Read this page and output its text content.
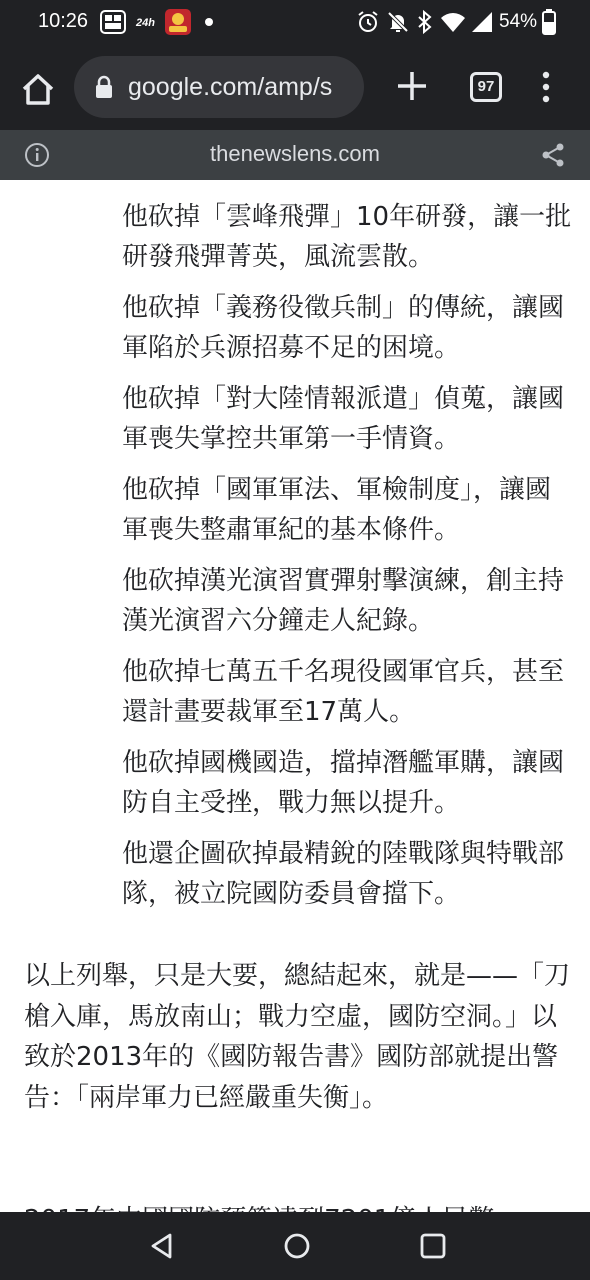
10:26	24h	54%
google.com/amp/s	97
thenewslens.com
他砍掉「雲峰飛彈」10年研發，讓一批研發飛彈菁英，風流雲散。
他砍掉「義務役徵兵制」的傳統，讓國軍陷於兵源招募不足的困境。
他砍掉「對大陸情報派遣」偵蒐，讓國軍喪失掌控共軍第一手情資。
他砍掉「國軍軍法、軍檢制度」，讓國軍喪失整肅軍紀的基本條件。
他砍掉漢光演習實彈射擊演練，創主持漢光演習六分鐘走人紀錄。
他砍掉七萬五千名現役國軍官兵，甚至還計畫要裁軍至17萬人。
他砍掉國機國造，擋掉潛艦軍購，讓國防自主受挫，戰力無以提升。
他還企圖砍掉最精銳的陸戰隊與特戰部隊，被立院國防委員會擋下。
以上列舉，只是大要，總結起來，就是——「刀槍入庫，馬放南山；戰力空虛，國防空洞。」以致於2013年的《國防報告書》國防部就提出警告：「兩岸軍力已經嚴重失衡」。
